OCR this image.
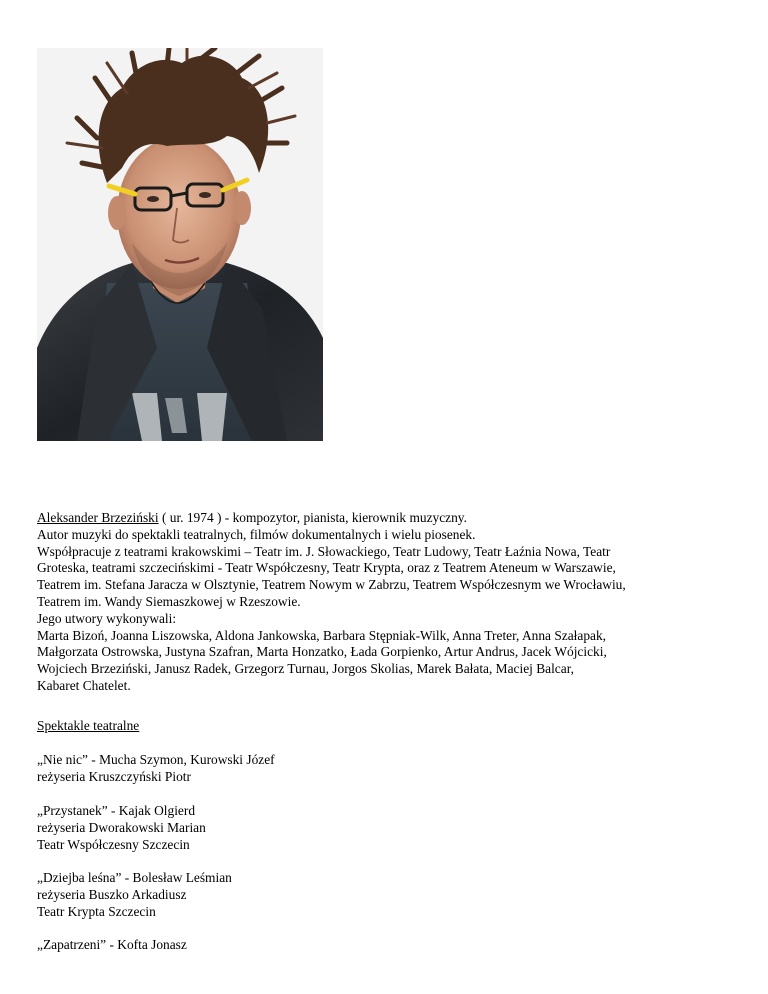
Aleksander Brzeziński ( ur. 1974 ) - kompozytor, pianista, kierownik muzyczny.

Autor muzyki do spektakli teatralnych, filmów dokumentalnych i wielu piosenek.

Współpracuje z teatrami krakowskimi – Teatr im. J. Słowackiego, Teatr Ludowy, Teatr Łaźnia Nowa, Teatr

Groteska, teatrami szczecińskimi - Teatr Współczesny, Teatr Krypta, oraz z Teatrem Ateneum w Warszawie,

Teatrem im. Stefana Jaracza w Olsztynie, Teatrem Nowym w Zabrzu, Teatrem Współczesnym we Wrocławiu,

Teatrem im. Wandy Siemaszkowej w Rzeszowie.

Jego utwory wykonywali:

Marta Bizoń, Joanna Liszowska, Aldona Jankowska, Barbara Stępniak-Wilk, Anna Treter, Anna Szałapak,

Małgorzata Ostrowska, Justyna Szafran, Marta Honzatko, Łada Gorpienko, Artur Andrus, Jacek Wójcicki,

Wojciech Brzeziński, Janusz Radek, Grzegorz Turnau, Jorgos Skolias, Marek Bałata, Maciej Balcar,

Kabaret Chatelet.

Spektakle teatralne

„Nie nic” - Mucha Szymon, Kurowski Józef

reżyseria Kruszczyński Piotr

„Przystanek” - Kajak Olgierd

reżyseria Dworakowski Marian

Teatr Współczesny Szczecin

„Dziejba leśna” - Bolesław Leśmian

reżyseria Buszko Arkadiusz

Teatr Krypta Szczecin

„Zapatrzeni” - Kofta Jonasz
